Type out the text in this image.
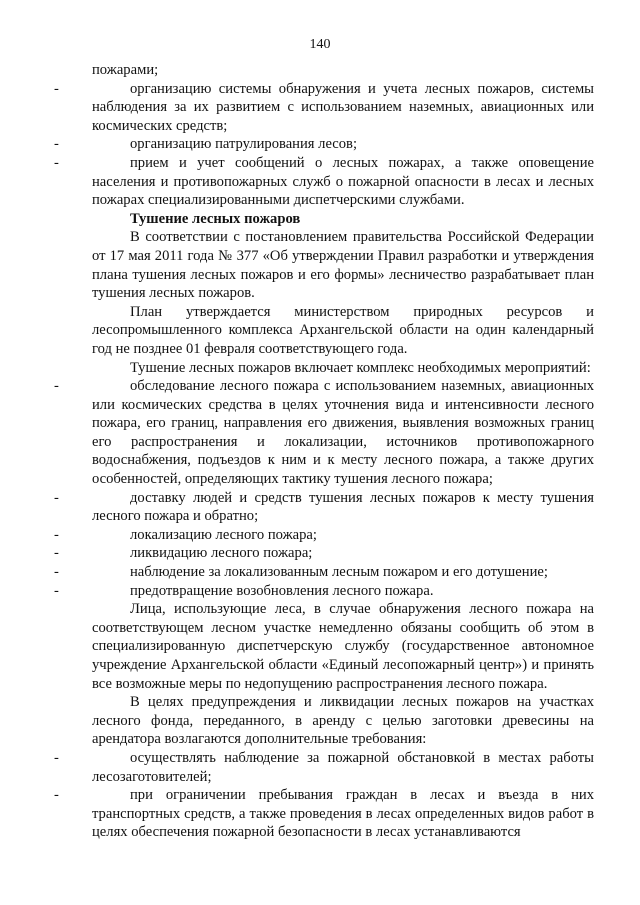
140

пожарами;

-	организацию системы обнаружения и учета лесных пожаров, системы наблюдения за их развитием с использованием наземных, авиационных или космических средств;

-	организацию патрулирования лесов;

-	прием и учет сообщений о лесных пожарах, а также оповещение населения и противопожарных служб о пожарной опасности в лесах и лесных пожарах специализированными диспетчерскими службами.

Тушение лесных пожаров

В соответствии с постановлением правительства Российской Федерации от 17 мая 2011 года № 377 «Об утверждении Правил разработки и утверждения плана тушения лесных пожаров и его формы» лесничество разрабатывает план тушения лесных пожаров.

План утверждается министерством природных ресурсов и лесопромышленного комплекса Архангельской области на один календарный год не позднее 01 февраля соответствующего года.

Тушение лесных пожаров включает комплекс необходимых мероприятий:

-	обследование лесного пожара с использованием наземных, авиационных или космических средства в целях уточнения вида и интенсивности лесного пожара, его границ, направления его движения, выявления возможных границ его распространения и локализации, источников противопожарного водоснабжения, подъездов к ним и к месту лесного пожара, а также других особенностей, определяющих тактику тушения лесного пожара;

-	доставку людей и средств тушения лесных пожаров к месту тушения лесного пожара и обратно;

-	локализацию лесного пожара;

-	ликвидацию лесного пожара;

-	наблюдение за локализованным лесным пожаром и его дотушение;

-	предотвращение возобновления лесного пожара.

Лица, использующие леса, в случае обнаружения лесного пожара на соответствующем лесном участке немедленно обязаны сообщить об этом в специализированную диспетчерскую службу (государственное автономное учреждение Архангельской области «Единый лесопожарный центр») и принять все возможные меры по недопущению распространения лесного пожара.

В целях предупреждения и ликвидации лесных пожаров на участках лесного фонда, переданного, в аренду с целью заготовки древесины на арендатора возлагаются дополнительные требования:

-	осуществлять наблюдение за пожарной обстановкой в местах работы лесозаготовителей;

-	при ограничении пребывания граждан в лесах и въезда в них транспортных средств, а также проведения в лесах определенных видов работ в целях обеспечения пожарной безопасности в лесах устанавливаются
